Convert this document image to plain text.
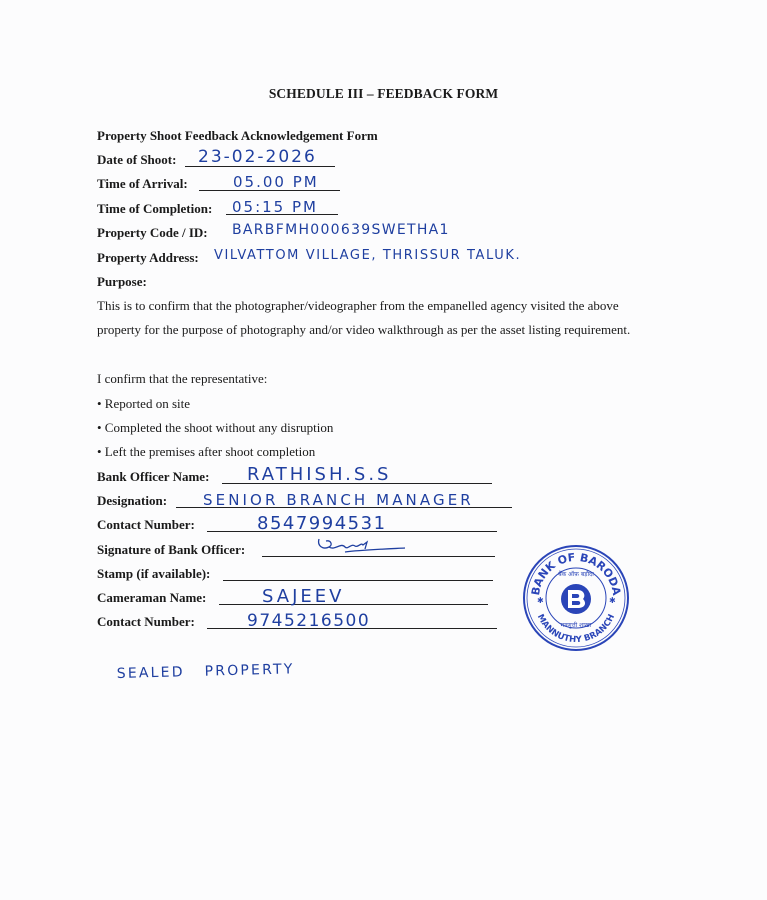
SCHEDULE III – FEEDBACK FORM
Property Shoot Feedback Acknowledgement Form
Date of Shoot: 23-02-2026
Time of Arrival:	05.00 PM
Time of Completion: 05:15 PM
Property Code / ID: BARBFMH000639SWETHA1
Property Address: VILVATTOM VILLAGE, THRISSUR TALUK.
Purpose:
This is to confirm that the photographer/videographer from the empanelled agency visited the above
property for the purpose of photography and/or video walkthrough as per the asset listing requirement.
I confirm that the representative:
• Reported on site
• Completed the shoot without any disruption
• Left the premises after shoot completion
Bank Officer Name: RATHISH.S.S
Designation: SENIOR BRANCH MANAGER
Contact Number:	8547994531
Signature of Bank Officer:
Stamp (if available):
Cameraman Name:	SAJEEV
Contact Number:	9745216500
SEALED   PROPERTY
BANK OF BARODA
MANNUTHY BRANCH
बैंक ऑफ़ बड़ौदा
मण्णुत्ती शाखा
✱	✱
